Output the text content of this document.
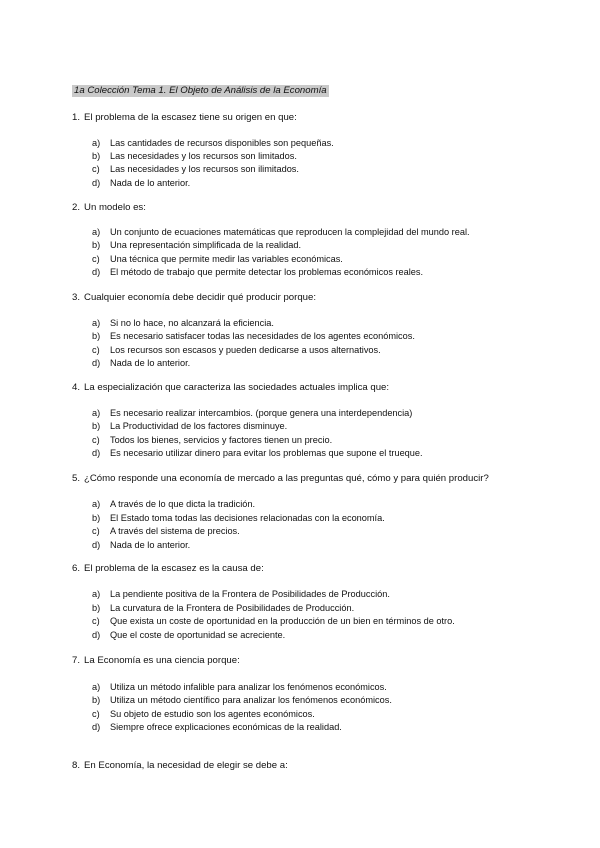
1a Colección Tema 1. El Objeto de Análisis de la Economía
1. El problema de la escasez tiene su origen en que:
a) Las cantidades de recursos disponibles son pequeñas.
b) Las necesidades y los recursos son limitados.
c) Las necesidades y los recursos son ilimitados.
d) Nada de lo anterior.
2. Un modelo es:
a) Un conjunto de ecuaciones matemáticas que reproducen la complejidad del mundo real.
b) Una representación simplificada de la realidad.
c) Una técnica que permite medir las variables económicas.
d) El método de trabajo que permite detectar los problemas económicos reales.
3. Cualquier economía debe decidir qué producir porque:
a) Si no lo hace, no alcanzará la eficiencia.
b) Es necesario satisfacer todas las necesidades de los agentes económicos.
c) Los recursos son escasos y pueden dedicarse a usos alternativos.
d) Nada de lo anterior.
4. La especialización que caracteriza las sociedades actuales implica que:
a) Es necesario realizar intercambios. (porque genera una interdependencia)
b) La Productividad de los factores disminuye.
c) Todos los bienes, servicios y factores tienen un precio.
d) Es necesario utilizar dinero para evitar los problemas que supone el trueque.
5. ¿Cómo responde una economía de mercado a las preguntas qué, cómo y para quién producir?
a) A través de lo que dicta la tradición.
b) El Estado toma todas las decisiones relacionadas con la economía.
c) A través del sistema de precios.
d) Nada de lo anterior.
6. El problema de la escasez es la causa de:
a) La pendiente positiva de la Frontera de Posibilidades de Producción.
b) La curvatura de la Frontera de Posibilidades de Producción.
c) Que exista un coste de oportunidad en la producción de un bien en términos de otro.
d) Que el coste de oportunidad se acreciente.
7. La Economía es una ciencia porque:
a) Utiliza un método infalible para analizar los fenómenos económicos.
b) Utiliza un método científico para analizar los fenómenos económicos.
c) Su objeto de estudio son los agentes económicos.
d) Siempre ofrece explicaciones económicas de la realidad.
8. En Economía, la necesidad de elegir se debe a:
